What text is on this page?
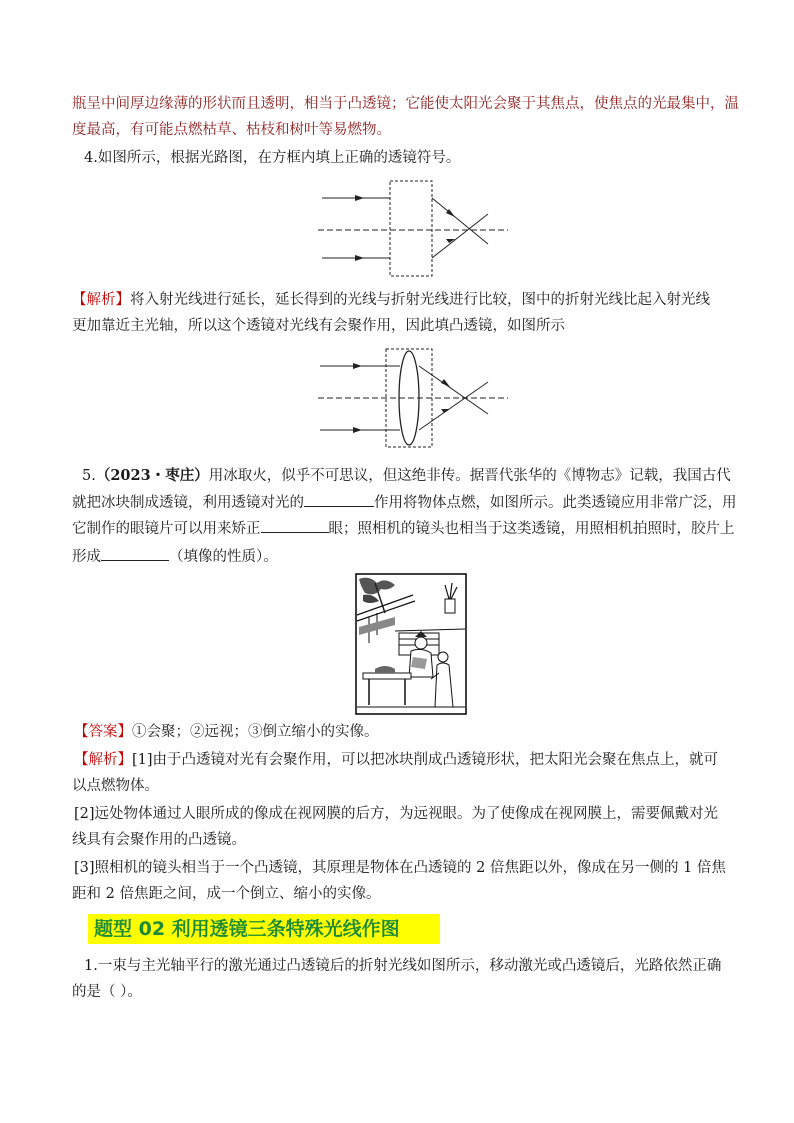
瓶呈中间厚边缘薄的形状而且透明，相当于凸透镜；它能使太阳光会聚于其焦点，使焦点的光最集中，温
度最高，有可能点燃枯草、枯枝和树叶等易燃物。
4.如图所示，根据光路图，在方框内填上正确的透镜符号。
【解析】将入射光线进行延长，延长得到的光线与折射光线进行比较，图中的折射光线比起入射光线
更加靠近主光轴，所以这个透镜对光线有会聚作用，因此填凸透镜，如图所示
5.（2023・枣庄）用冰取火，似乎不可思议，但这绝非传。据晋代张华的《博物志》记载，我国古代
就把冰块制成透镜，利用透镜对光的	作用将物体点燃，如图所示。此类透镜应用非常广泛，用
它制作的眼镜片可以用来矫正	眼；照相机的镜头也相当于这类透镜，用照相机拍照时，胶片上
形成	（填像的性质）。
【答案】①会聚；②远视；③倒立缩小的实像。
【解析】[1]由于凸透镜对光有会聚作用，可以把冰块削成凸透镜形状，把太阳光会聚在焦点上，就可
以点燃物体。
[2]远处物体通过人眼所成的像成在视网膜的后方，为远视眼。为了使像成在视网膜上，需要佩戴对光
线具有会聚作用的凸透镜。
[3]照相机的镜头相当于一个凸透镜，其原理是物体在凸透镜的 2 倍焦距以外，像成在另一侧的 1 倍焦
距和 2 倍焦距之间，成一个倒立、缩小的实像。
题型 02 利用透镜三条特殊光线作图
1.一束与主光轴平行的激光通过凸透镜后的折射光线如图所示，移动激光或凸透镜后，光路依然正确
的是（ ）。
